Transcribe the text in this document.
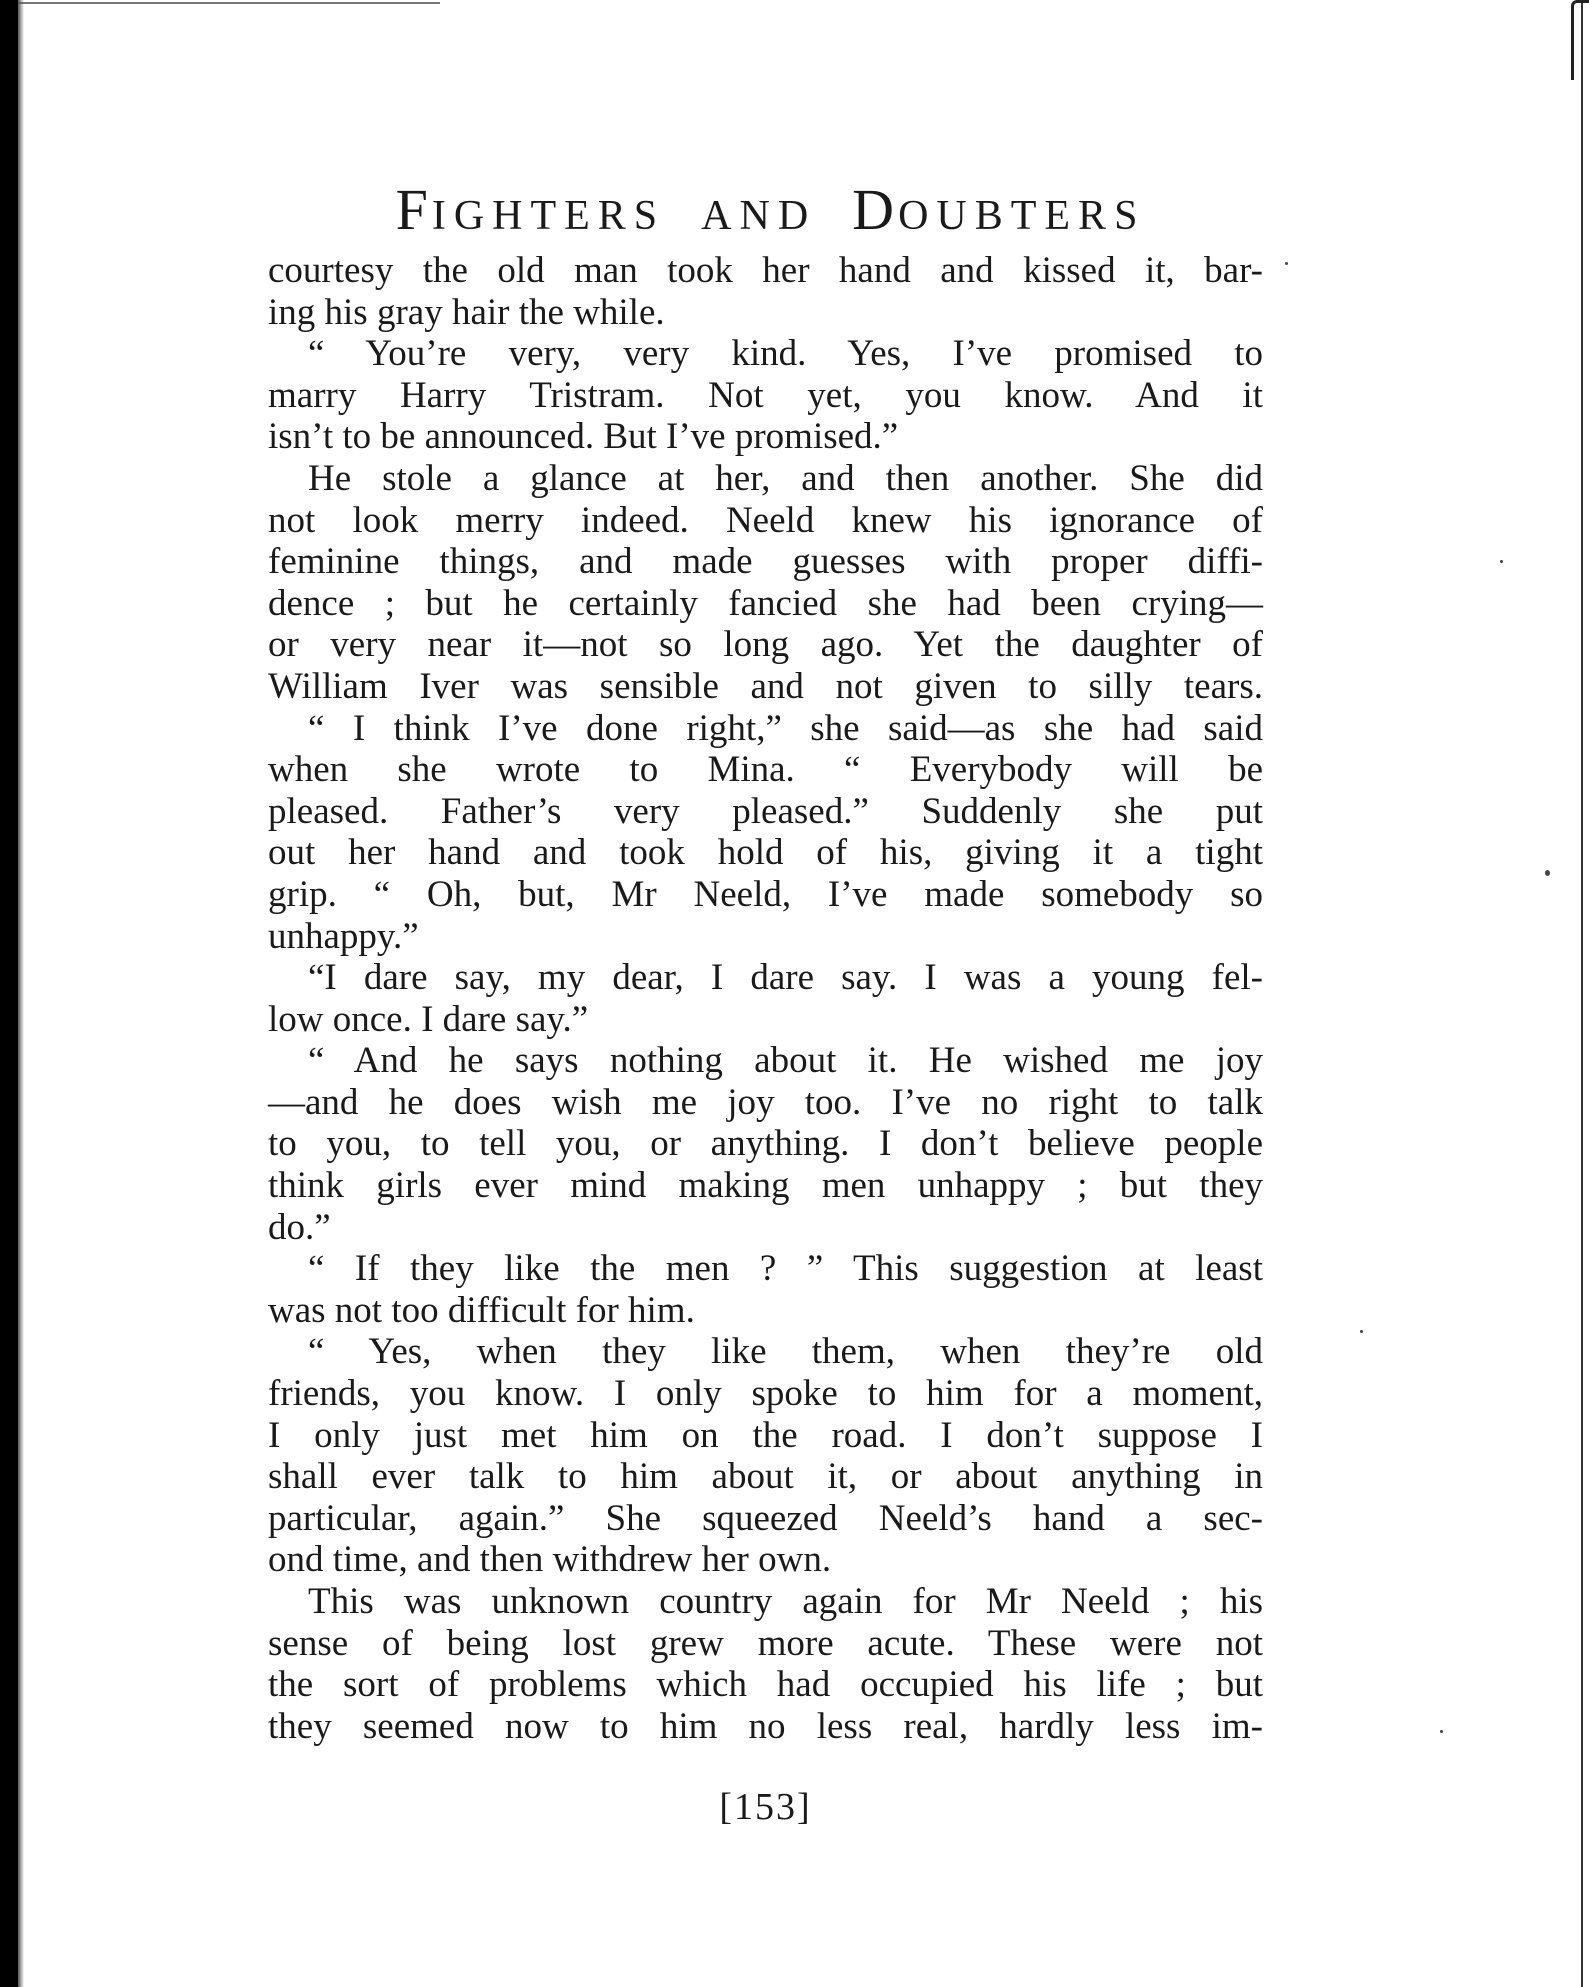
FIGHTERS AND DOUBTERS
courtesy the old man took her hand and kissed it, bar-
ing his gray hair the while.
“ You’re very, very kind. Yes, I’ve promised to
marry Harry Tristram. Not yet, you know. And it
isn’t to be announced. But I’ve promised.”
He stole a glance at her, and then another. She did
not look merry indeed. Neeld knew his ignorance of
feminine things, and made guesses with proper diffi-
dence ; but he certainly fancied she had been crying—
or very near it—not so long ago. Yet the daughter of
William Iver was sensible and not given to silly tears.
“ I think I’ve done right,” she said—as she had said
when she wrote to Mina. “ Everybody will be
pleased. Father’s very pleased.” Suddenly she put
out her hand and took hold of his, giving it a tight
grip. “ Oh, but, Mr Neeld, I’ve made somebody so
unhappy.”
“I dare say, my dear, I dare say. I was a young fel-
low once. I dare say.”
“ And he says nothing about it. He wished me joy
—and he does wish me joy too. I’ve no right to talk
to you, to tell you, or anything. I don’t believe people
think girls ever mind making men unhappy ; but they
do.”
“ If they like the men ? ” This suggestion at least
was not too difficult for him.
“ Yes, when they like them, when they’re old
friends, you know. I only spoke to him for a moment,
I only just met him on the road. I don’t suppose I
shall ever talk to him about it, or about anything in
particular, again.” She squeezed Neeld’s hand a sec-
ond time, and then withdrew her own.
This was unknown country again for Mr Neeld ; his
sense of being lost grew more acute. These were not
the sort of problems which had occupied his life ; but
they seemed now to him no less real, hardly less im-
[153]
